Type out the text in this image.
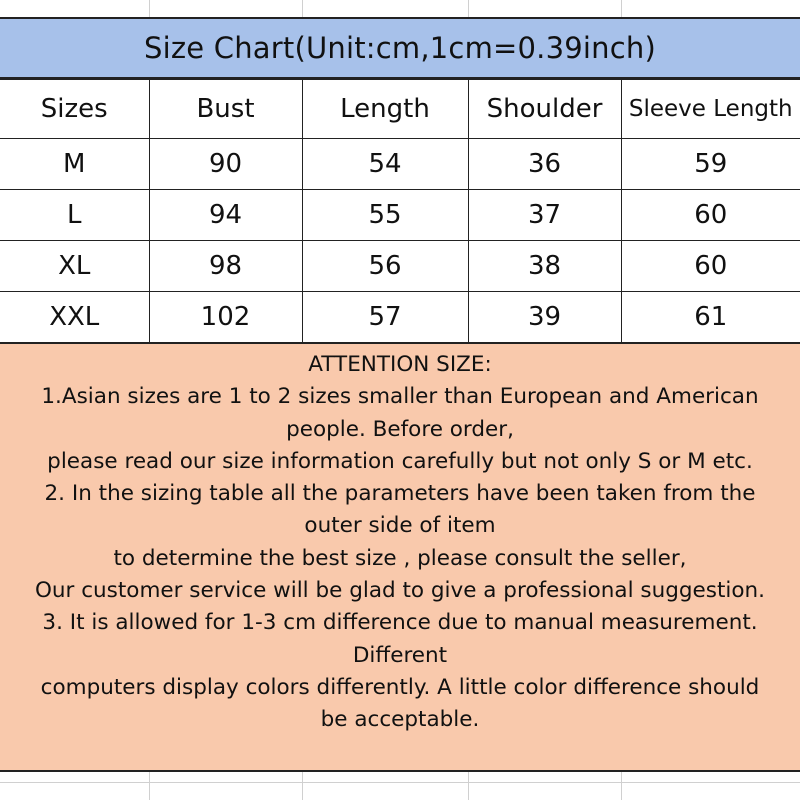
Size Chart(Unit:cm,1cm=0.39inch)
Sizes	Bust	Length	Shoulder	Sleeve Length
M	90	54	36	59
L	94	55	37	60
XL	98	56	38	60
XXL	102	57	39	61
ATTENTION SIZE:
1.Asian sizes are 1 to 2 sizes smaller than European and American
people. Before order,
please read our size information carefully but not only S or M etc.
2. In the sizing table all the parameters have been taken from the
outer side of item
to determine the best size , please consult the seller,
Our customer service will be glad to give a professional suggestion.
3. It is allowed for 1-3 cm difference due to manual measurement.
Different
computers display colors differently. A little color difference should
be acceptable.
